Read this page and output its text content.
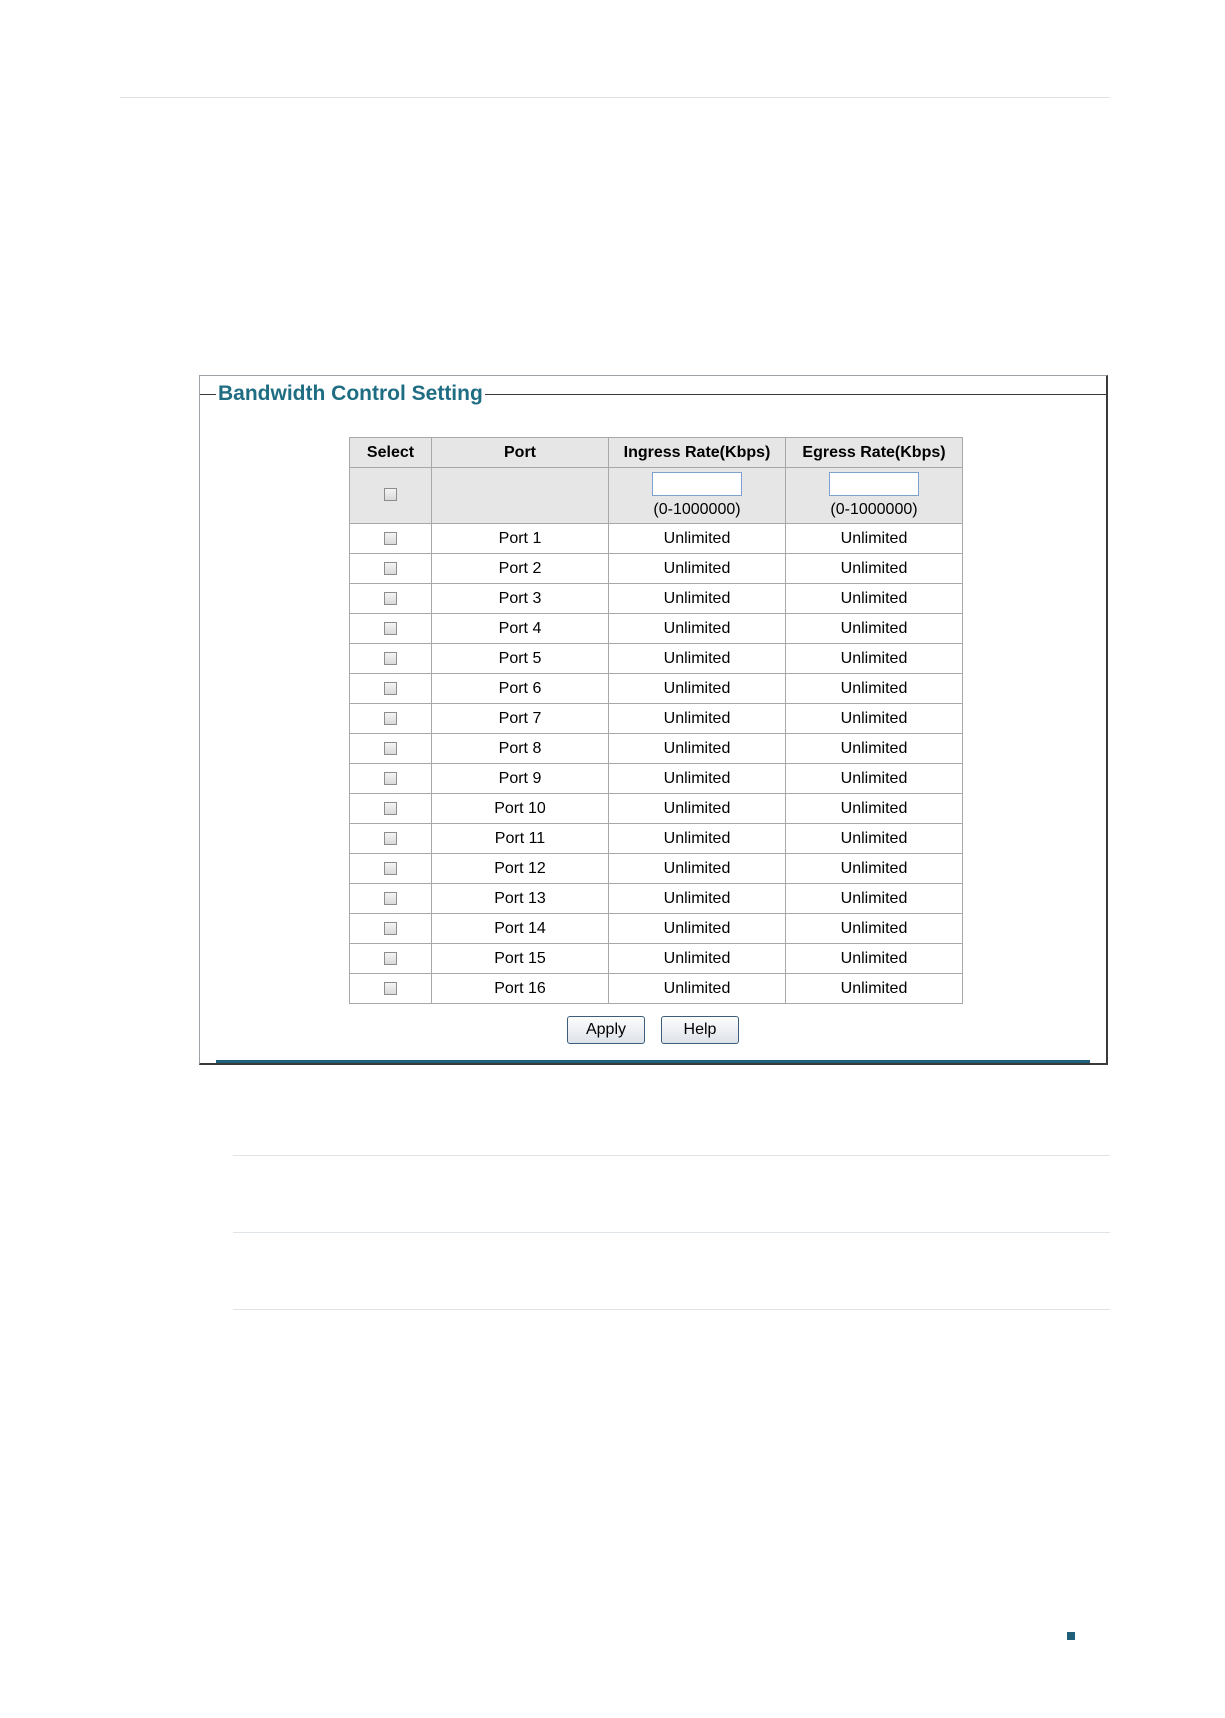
Bandwidth Control Setting
Select	Port	Ingress Rate(Kbps)	Egress Rate(Kbps)

		(0-1000000)	(0-1000000)

	Port 1	Unlimited	Unlimited
	Port 2	Unlimited	Unlimited
	Port 3	Unlimited	Unlimited
	Port 4	Unlimited	Unlimited
	Port 5	Unlimited	Unlimited
	Port 6	Unlimited	Unlimited
	Port 7	Unlimited	Unlimited
	Port 8	Unlimited	Unlimited
	Port 9	Unlimited	Unlimited
	Port 10	Unlimited	Unlimited
	Port 11	Unlimited	Unlimited
	Port 12	Unlimited	Unlimited
	Port 13	Unlimited	Unlimited
	Port 14	Unlimited	Unlimited
	Port 15	Unlimited	Unlimited
	Port 16	Unlimited	Unlimited
Apply	Help
